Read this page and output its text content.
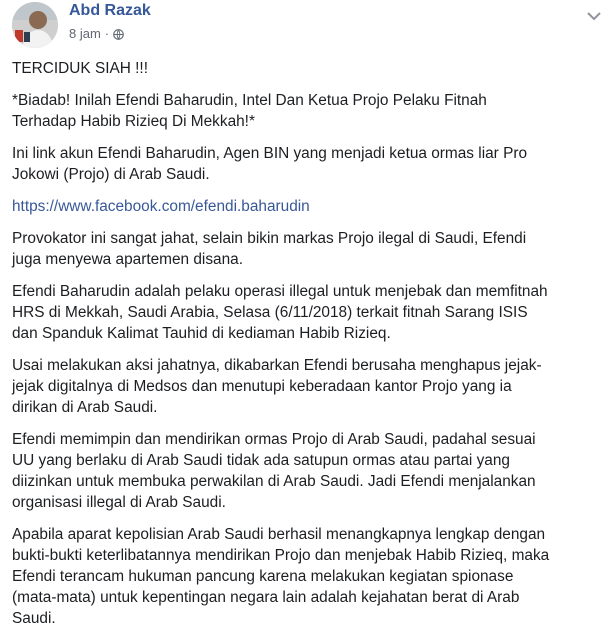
Abd Razak
8 jam ·

TERCIDUK SIAH !!!

*Biadab! Inilah Efendi Baharudin, Intel Dan Ketua Projo Pelaku Fitnah
Terhadap Habib Rizieq Di Mekkah!*

Ini link akun Efendi Baharudin, Agen BIN yang menjadi ketua ormas liar Pro
Jokowi (Projo) di Arab Saudi.

https://www.facebook.com/efendi.baharudin

Provokator ini sangat jahat, selain bikin markas Projo ilegal di Saudi, Efendi
juga menyewa apartemen disana.

Efendi Baharudin adalah pelaku operasi illegal untuk menjebak dan memfitnah
HRS di Mekkah, Saudi Arabia, Selasa (6/11/2018) terkait fitnah Sarang ISIS
dan Spanduk Kalimat Tauhid di kediaman Habib Rizieq.

Usai melakukan aksi jahatnya, dikabarkan Efendi berusaha menghapus jejak-
jejak digitalnya di Medsos dan menutupi keberadaan kantor Projo yang ia
dirikan di Arab Saudi.

Efendi memimpin dan mendirikan ormas Projo di Arab Saudi, padahal sesuai
UU yang berlaku di Arab Saudi tidak ada satupun ormas atau partai yang
diizinkan untuk membuka perwakilan di Arab Saudi. Jadi Efendi menjalankan
organisasi illegal di Arab Saudi.

Apabila aparat kepolisian Arab Saudi berhasil menangkapnya lengkap dengan
bukti-bukti keterlibatannya mendirikan Projo dan menjebak Habib Rizieq, maka
Efendi terancam hukuman pancung karena melakukan kegiatan spionase
(mata-mata) untuk kepentingan negara lain adalah kejahatan berat di Arab
Saudi.
